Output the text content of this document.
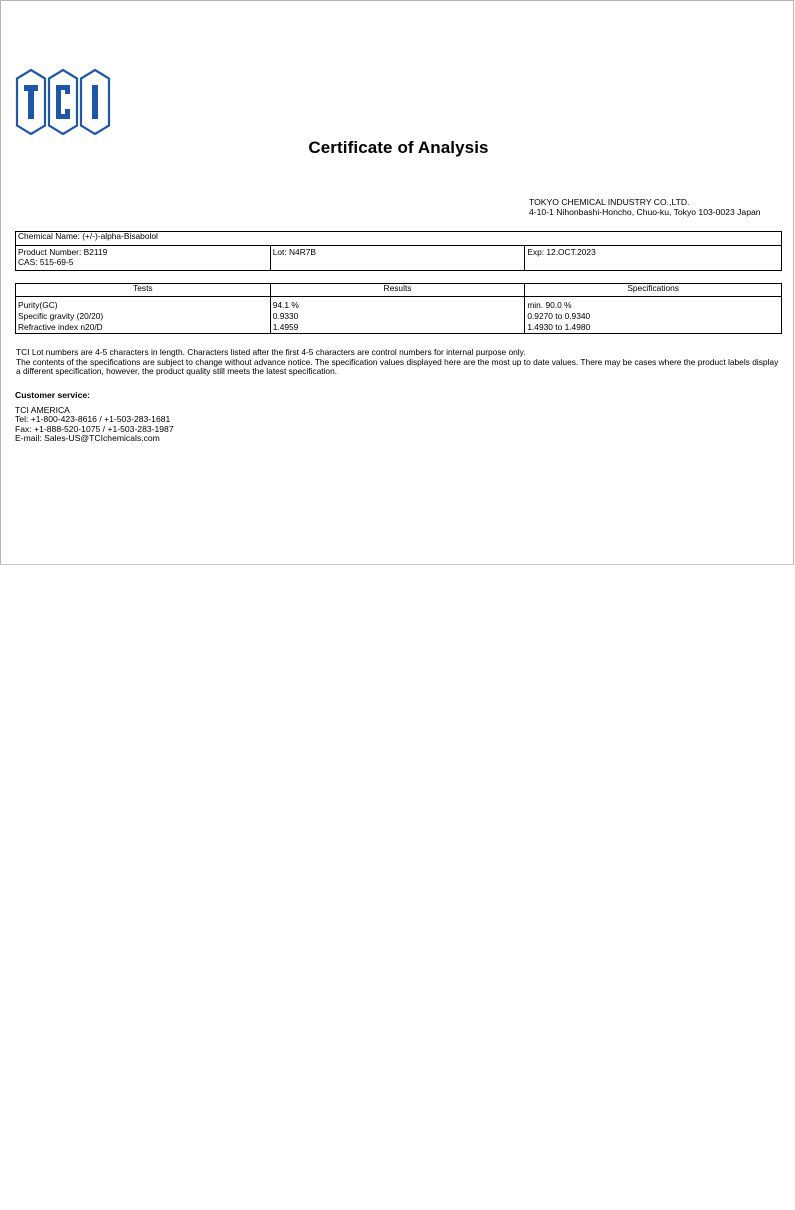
Certificate of Analysis
TOKYO CHEMICAL INDUSTRY CO.,LTD.
4-10-1 Nihonbashi-Honcho, Chuo-ku, Tokyo 103-0023 Japan
Chemical Name: (+/-)-alpha-Bisabolol

Product Number: B2119
CAS: 515-69-5
	Lot: N4R7B	Exp: 12.OCT.2023
Tests	Results	Specifications
Purity(GC)	94.1 %	min. 90.0 %
Specific gravity (20/20)	0.9330	0.9270 to 0.9340
Refractive index n20/D	1.4959	1.4930 to 1.4980

TCI Lot numbers are 4-5 characters in length. Characters listed after the first 4-5 characters are control numbers for internal purpose only.

The contents of the specifications are subject to change without advance notice. The specification values displayed here are the most up to date values. There may be cases where the product labels display a different specification, however, the product quality still meets the latest specification.

Customer service:
TCI AMERICA
Tel: +1-800-423-8616 / +1-503-283-1681
Fax: +1-888-520-1075 / +1-503-283-1987
E-mail: Sales-US@TCIchemicals.com
